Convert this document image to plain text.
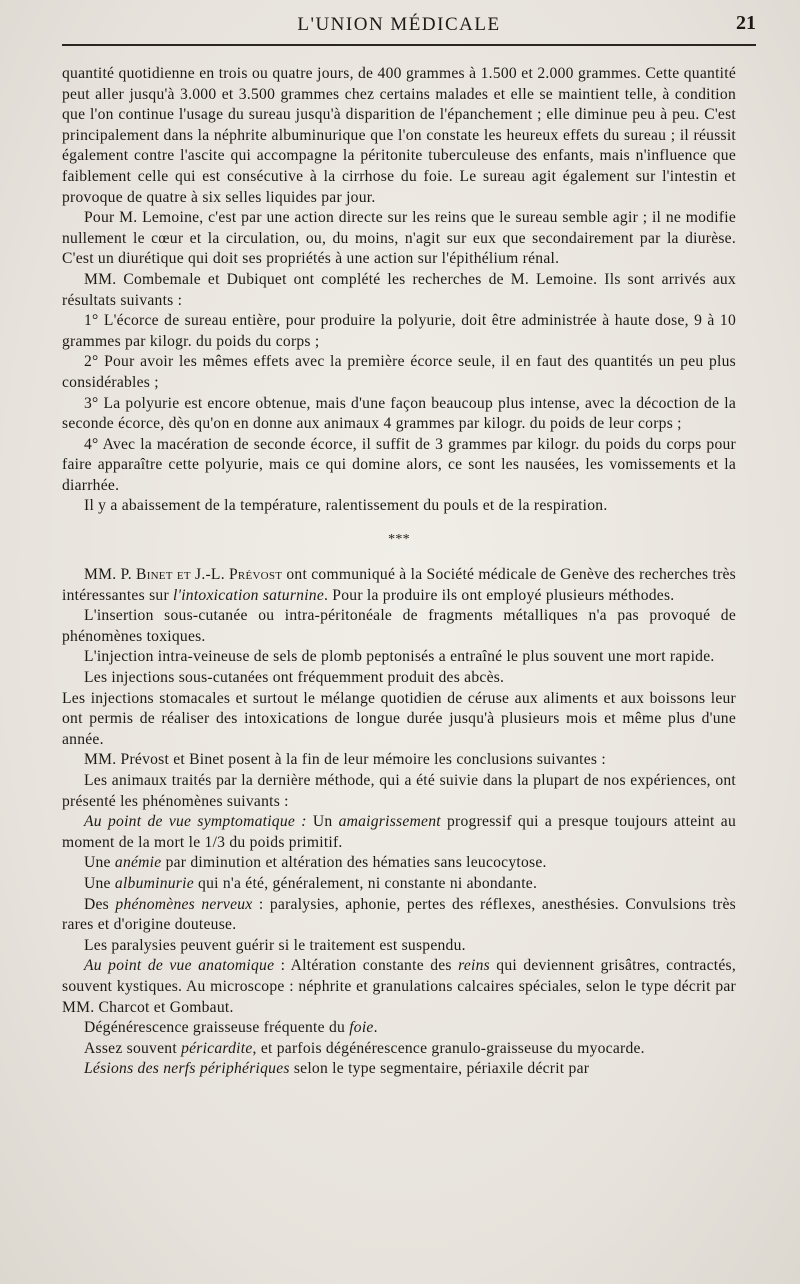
L'UNION MÉDICALE	21

quantité quotidienne en trois ou quatre jours, de 400 grammes à 1.500 et 2.000 grammes. Cette quantité peut aller jusqu'à 3.000 et 3.500 grammes chez certains malades et elle se maintient telle, à condition que l'on continue l'usage du sureau jusqu'à disparition de l'épanchement ; elle diminue peu à peu. C'est principalement dans la néphrite albuminurique que l'on constate les heureux effets du sureau ; il réussit également contre l'ascite qui accompagne la péritonite tuberculeuse des enfants, mais n'influence que faiblement celle qui est consécutive à la cirrhose du foie. Le sureau agit également sur l'intestin et provoque de quatre à six selles liquides par jour.

Pour M. Lemoine, c'est par une action directe sur les reins que le sureau semble agir ; il ne modifie nullement le cœur et la circulation, ou, du moins, n'agit sur eux que secondairement par la diurèse. C'est un diurétique qui doit ses propriétés à une action sur l'épithélium rénal.

MM. Combemale et Dubiquet ont complété les recherches de M. Lemoine. Ils sont arrivés aux résultats suivants :

1° L'écorce de sureau entière, pour produire la polyurie, doit être administrée à haute dose, 9 à 10 grammes par kilogr. du poids du corps ;

2° Pour avoir les mêmes effets avec la première écorce seule, il en faut des quantités un peu plus considérables ;

3° La polyurie est encore obtenue, mais d'une façon beaucoup plus intense, avec la décoction de la seconde écorce, dès qu'on en donne aux animaux 4 grammes par kilogr. du poids de leur corps ;

4° Avec la macération de seconde écorce, il suffit de 3 grammes par kilogr. du poids du corps pour faire apparaître cette polyurie, mais ce qui domine alors, ce sont les nausées, les vomissements et la diarrhée.

Il y a abaissement de la température, ralentissement du pouls et de la respiration.

***

MM. P. Binet et J.-L. Prévost ont communiqué à la Société médicale de Genève des recherches très intéressantes sur l'intoxication saturnine. Pour la produire ils ont employé plusieurs méthodes.

L'insertion sous-cutanée ou intra-péritonéale de fragments métalliques n'a pas provoqué de phénomènes toxiques.

L'injection intra-veineuse de sels de plomb peptonisés a entraîné le plus souvent une mort rapide.

Les injections sous-cutanées ont fréquemment produit des abcès.

Les injections stomacales et surtout le mélange quotidien de céruse aux aliments et aux boissons leur ont permis de réaliser des intoxications de longue durée jusqu'à plusieurs mois et même plus d'une année.

MM. Prévost et Binet posent à la fin de leur mémoire les conclusions suivantes :

Les animaux traités par la dernière méthode, qui a été suivie dans la plupart de nos expériences, ont présenté les phénomènes suivants :

Au point de vue symptomatique : Un amaigrissement progressif qui a presque toujours atteint au moment de la mort le 1/3 du poids primitif.

Une anémie par diminution et altération des hématies sans leucocytose.

Une albuminurie qui n'a été, généralement, ni constante ni abondante.

Des phénomènes nerveux : paralysies, aphonie, pertes des réflexes, anesthésies. Convulsions très rares et d'origine douteuse.

Les paralysies peuvent guérir si le traitement est suspendu.

Au point de vue anatomique : Altération constante des reins qui deviennent grisâtres, contractés, souvent kystiques. Au microscope : néphrite et granulations calcaires spéciales, selon le type décrit par MM. Charcot et Gombaut.

Dégénérescence graisseuse fréquente du foie.

Assez souvent péricardite, et parfois dégénérescence granulo-graisseuse du myocarde.

Lésions des nerfs périphériques selon le type segmentaire, périaxile décrit par
